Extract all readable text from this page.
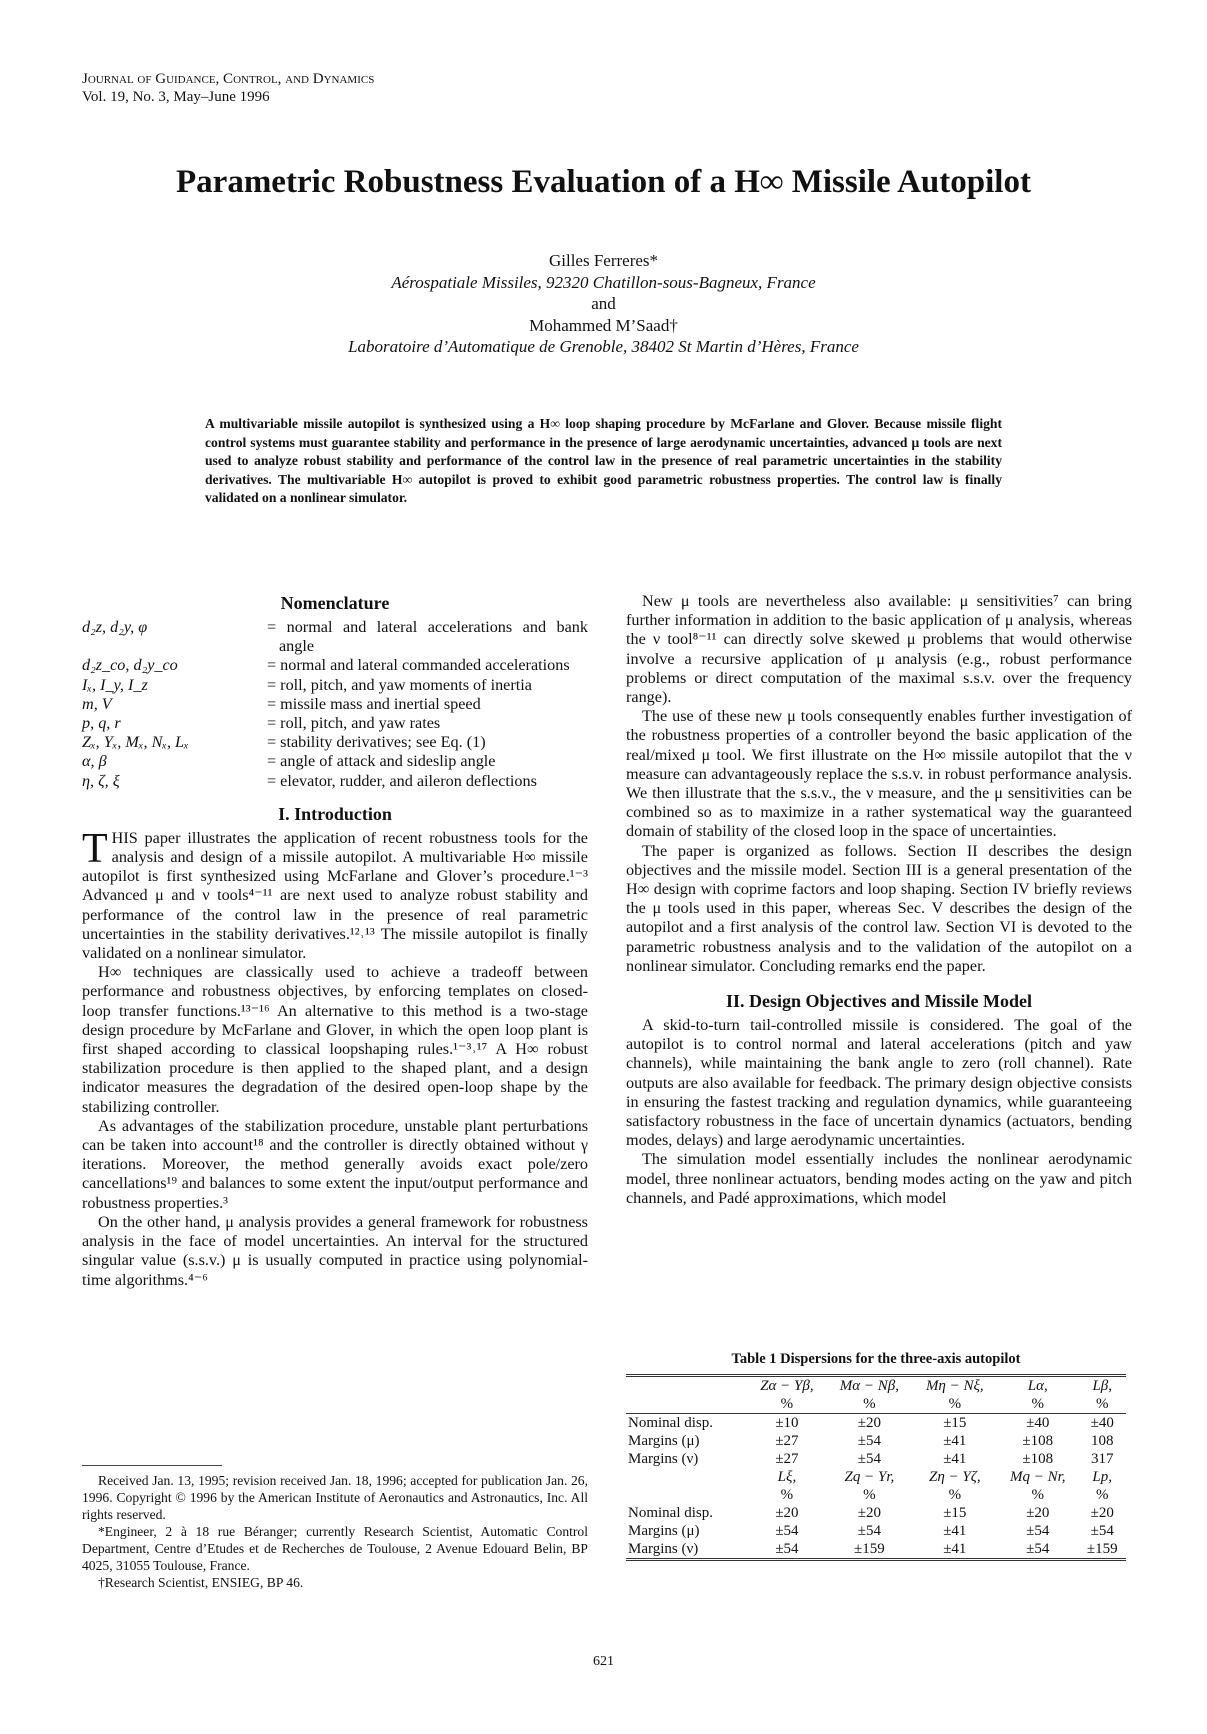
Journal of Guidance, Control, and Dynamics
Vol. 19, No. 3, May–June 1996
Parametric Robustness Evaluation of a H∞ Missile Autopilot
Gilles Ferreres*
Aérospatiale Missiles, 92320 Chatillon-sous-Bagneux, France
and
Mohammed M’Saad†
Laboratoire d’Automatique de Grenoble, 38402 St Martin d’Hères, France
A multivariable missile autopilot is synthesized using a H∞ loop shaping procedure by McFarlane and Glover. Because missile flight control systems must guarantee stability and performance in the presence of large aerodynamic uncertainties, advanced μ tools are next used to analyze robust stability and performance of the control law in the presence of real parametric uncertainties in the stability derivatives. The multivariable H∞ autopilot is proved to exhibit good parametric robustness properties. The control law is finally validated on a nonlinear simulator.
Nomenclature
d₂z, d₂y, φ	= normal and lateral accelerations and bank angle
d₂z_co, d₂y_co	= normal and lateral commanded accelerations
Iₓ, I_y, I_z	= roll, pitch, and yaw moments of inertia
m, V	= missile mass and inertial speed
p, q, r	= roll, pitch, and yaw rates
Zₓ, Yₓ, Mₓ, Nₓ, Lₓ	= stability derivatives; see Eq. (1)
α, β	= angle of attack and sideslip angle
η, ζ, ξ	= elevator, rudder, and aileron deflections
I. Introduction

THIS paper illustrates the application of recent robustness tools for the analysis and design of a missile autopilot. A multivariable H∞ missile autopilot is first synthesized using McFarlane and Glover’s procedure.¹⁻³ Advanced μ and ν tools⁴⁻¹¹ are next used to analyze robust stability and performance of the control law in the presence of real parametric uncertainties in the stability derivatives.¹²˒¹³ The missile autopilot is finally validated on a nonlinear simulator.

H∞ techniques are classically used to achieve a tradeoff between performance and robustness objectives, by enforcing templates on closed-loop transfer functions.¹³⁻¹⁶ An alternative to this method is a two-stage design procedure by McFarlane and Glover, in which the open loop plant is first shaped according to classical loopshaping rules.¹⁻³˒¹⁷ A H∞ robust stabilization procedure is then applied to the shaped plant, and a design indicator measures the degradation of the desired open-loop shape by the stabilizing controller.

As advantages of the stabilization procedure, unstable plant perturbations can be taken into account¹⁸ and the controller is directly obtained without γ iterations. Moreover, the method generally avoids exact pole/zero cancellations¹⁹ and balances to some extent the input/output performance and robustness properties.³

On the other hand, μ analysis provides a general framework for robustness analysis in the face of model uncertainties. An interval for the structured singular value (s.s.v.) μ is usually computed in practice using polynomial-time algorithms.⁴⁻⁶

New μ tools are nevertheless also available: μ sensitivities⁷ can bring further information in addition to the basic application of μ analysis, whereas the ν tool⁸⁻¹¹ can directly solve skewed μ problems that would otherwise involve a recursive application of μ analysis (e.g., robust performance problems or direct computation of the maximal s.s.v. over the frequency range).

The use of these new μ tools consequently enables further investigation of the robustness properties of a controller beyond the basic application of the real/mixed μ tool. We first illustrate on the H∞ missile autopilot that the ν measure can advantageously replace the s.s.v. in robust performance analysis. We then illustrate that the s.s.v., the ν measure, and the μ sensitivities can be combined so as to maximize in a rather systematical way the guaranteed domain of stability of the closed loop in the space of uncertainties.

The paper is organized as follows. Section II describes the design objectives and the missile model. Section III is a general presentation of the H∞ design with coprime factors and loop shaping. Section IV briefly reviews the μ tools used in this paper, whereas Sec. V describes the design of the autopilot and a first analysis of the control law. Section VI is devoted to the parametric robustness analysis and to the validation of the autopilot on a nonlinear simulator. Concluding remarks end the paper.

II. Design Objectives and Missile Model

A skid-to-turn tail-controlled missile is considered. The goal of the autopilot is to control normal and lateral accelerations (pitch and yaw channels), while maintaining the bank angle to zero (roll channel). Rate outputs are also available for feedback. The primary design objective consists in ensuring the fastest tracking and regulation dynamics, while guaranteeing satisfactory robustness in the face of uncertain dynamics (actuators, bending modes, delays) and large aerodynamic uncertainties.

The simulation model essentially includes the nonlinear aerodynamic model, three nonlinear actuators, bending modes acting on the yaw and pitch channels, and Padé approximations, which model

Table 1 Dispersions for the three-axis autopilot
	Zα − Yβ,	Mα − Nβ,	Mη − Nξ,	Lα,	Lβ,
	%	%	%	%	%
Nominal disp.	±10	±20	±15	±40	±40
Margins (μ)	±27	±54	±41	±108	108
Margins (ν)	±27	±54	±41	±108	317
	Lξ,	Zq − Yr,	Zη − Yζ,	Mq − Nr,	Lp,
	%	%	%	%	%
Nominal disp.	±20	±20	±15	±20	±20
Margins (μ)	±54	±54	±41	±54	±54
Margins (ν)	±54	±159	±41	±54	±159

Received Jan. 13, 1995; revision received Jan. 18, 1996; accepted for publication Jan. 26, 1996. Copyright © 1996 by the American Institute of Aeronautics and Astronautics, Inc. All rights reserved.

*Engineer, 2 à 18 rue Béranger; currently Research Scientist, Automatic Control Department, Centre d’Etudes et de Recherches de Toulouse, 2 Avenue Edouard Belin, BP 4025, 31055 Toulouse, France.

†Research Scientist, ENSIEG, BP 46.

621
